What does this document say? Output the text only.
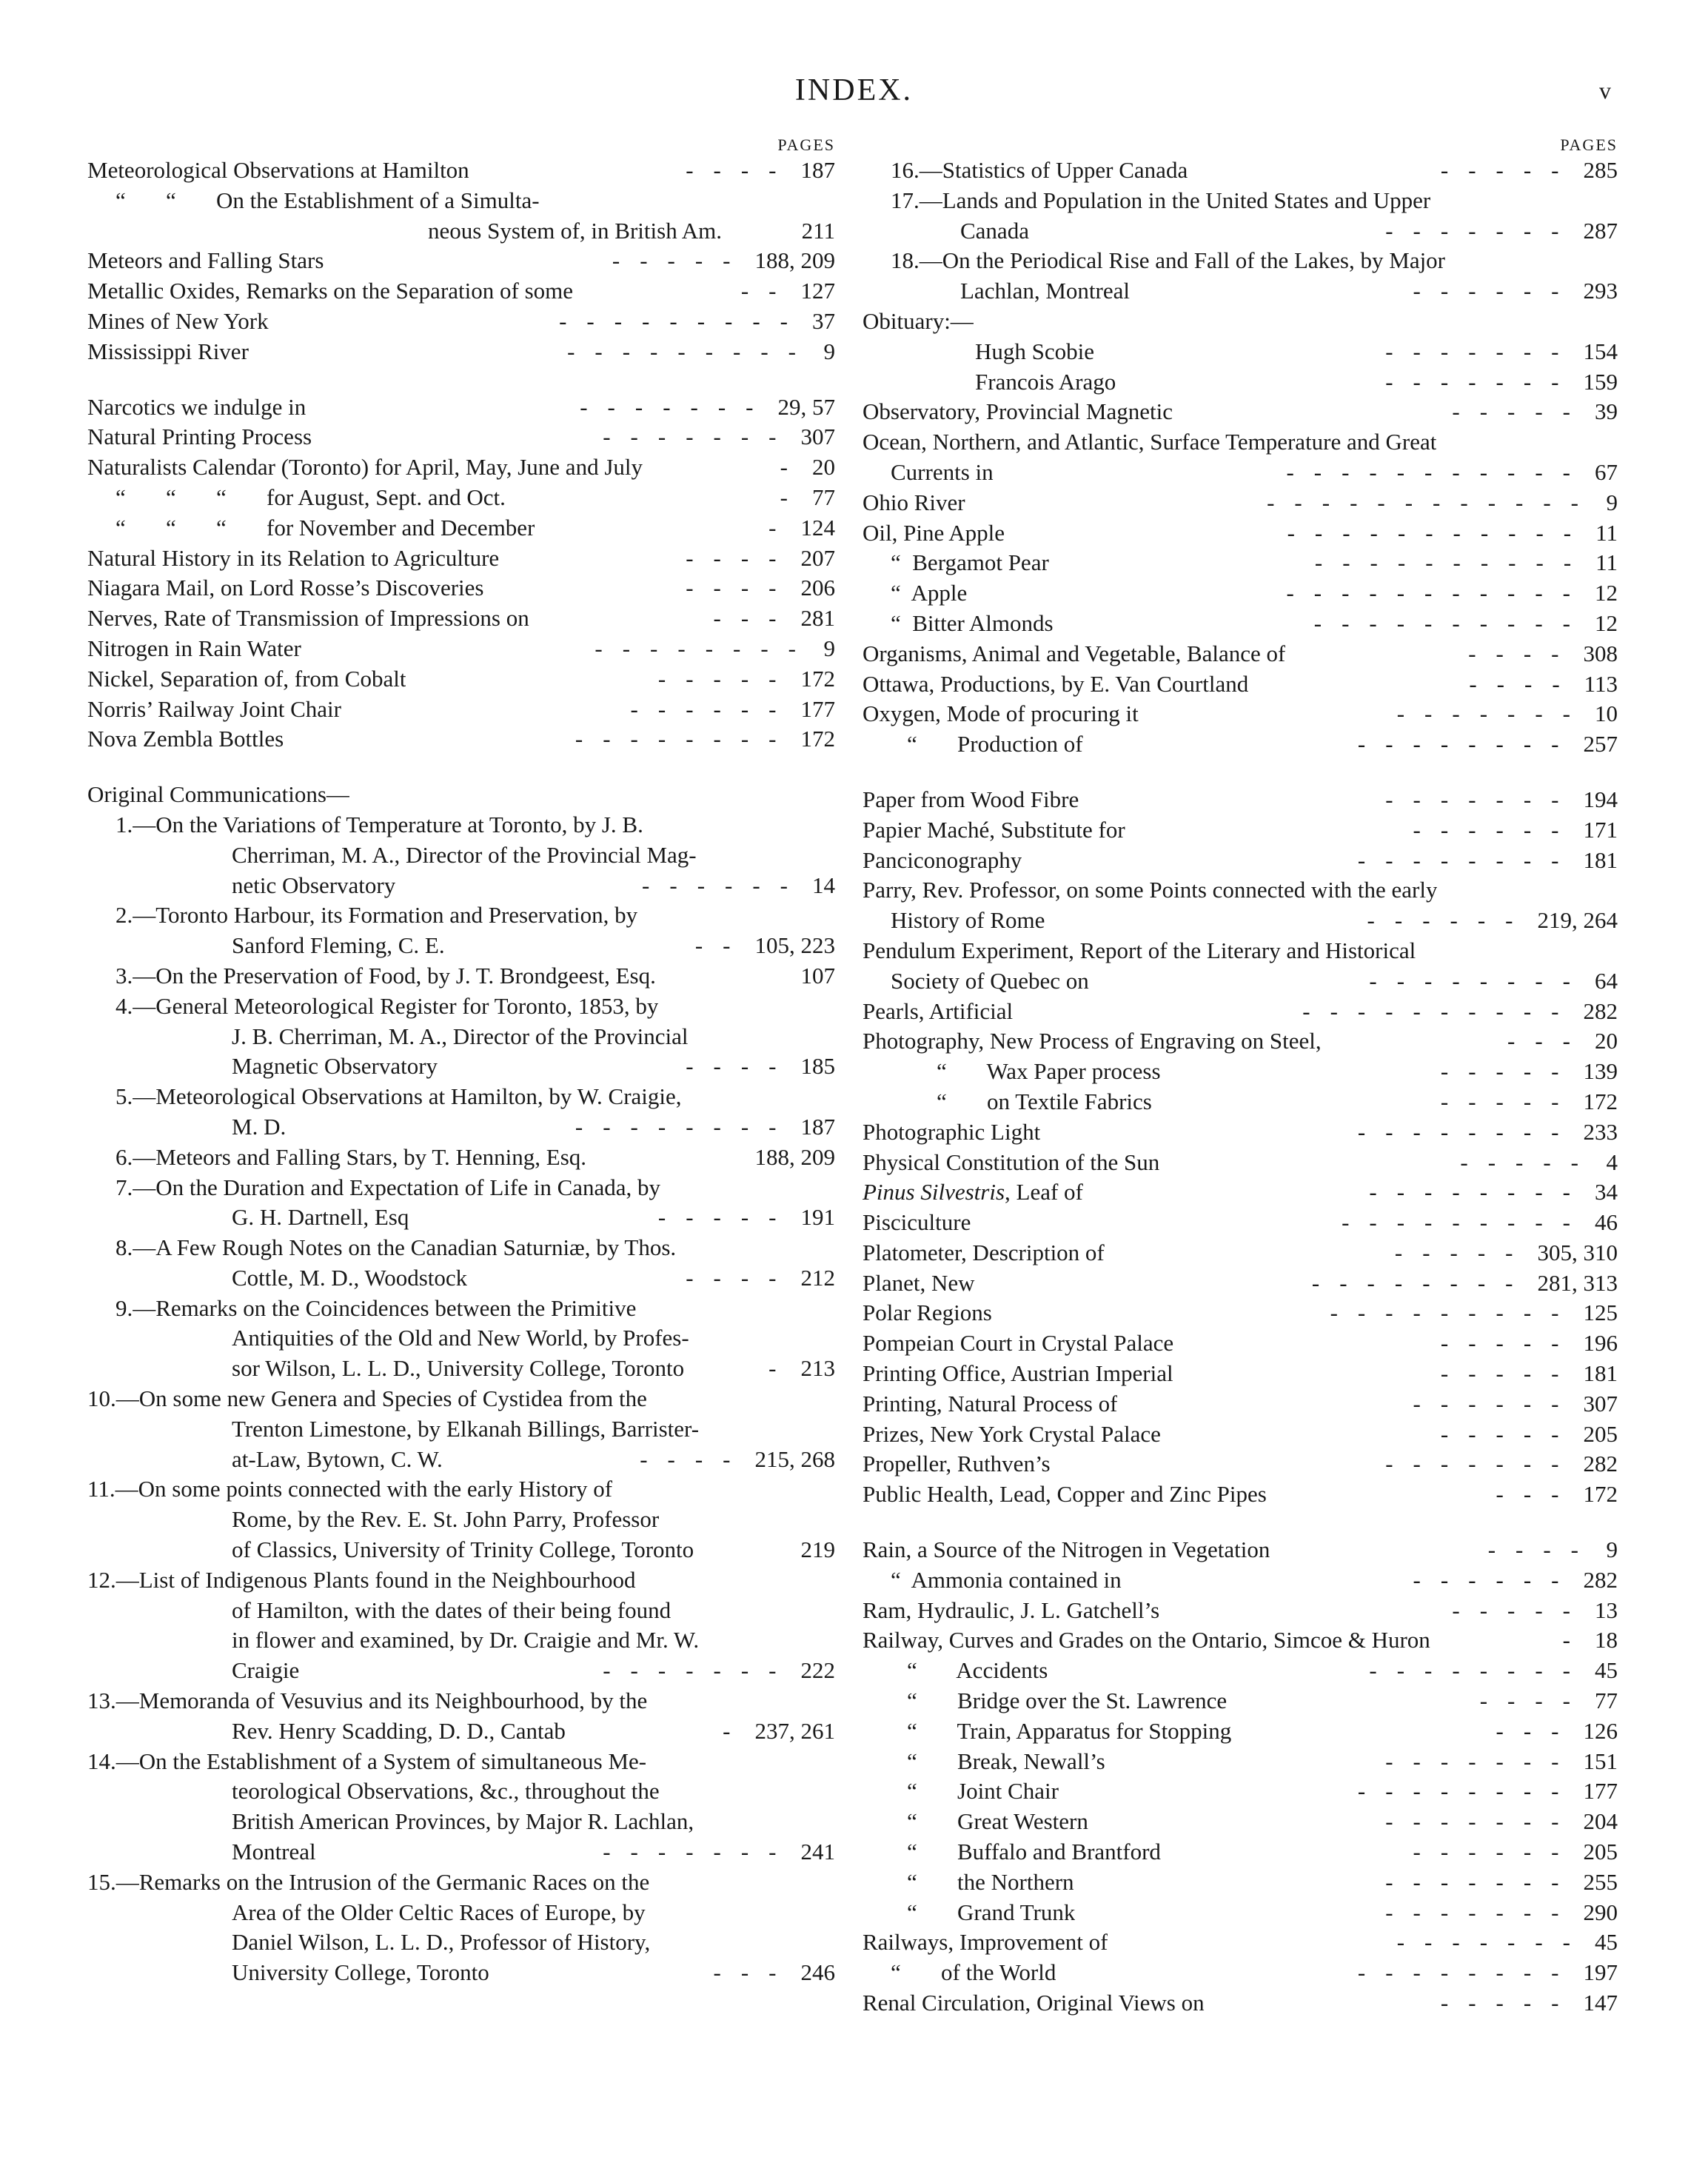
INDEX.	v
PAGES
Meteorological Observations at Hamilton	---- 187
“       “       On the Establishment of a Simulta-
neous System of, in British Am.	211
Meteors and Falling Stars	----- 188, 209
Metallic Oxides, Remarks on the Separation of some	-- 127
Mines of New York	--------- 37
Mississippi River	--------- 9
Narcotics we indulge in	------- 29, 57
Natural Printing Process	------- 307
Naturalists Calendar (Toronto) for April, May, June and July	- 20
“       “       “       for August, Sept. and Oct.	- 77
“       “       “       for November and December	- 124
Natural History in its Relation to Agriculture	---- 207
Niagara Mail, on Lord Rosse’s Discoveries	---- 206
Nerves, Rate of Transmission of Impressions on	--- 281
Nitrogen in Rain Water	-------- 9
Nickel, Separation of, from Cobalt	----- 172
Norris’ Railway Joint Chair	------ 177
Nova Zembla Bottles	-------- 172
Original Communications—
1.—On the Variations of Temperature at Toronto, by J. B.
Cherriman, M. A., Director of the Provincial Mag-
netic Observatory	------ 14
2.—Toronto Harbour, its Formation and Preservation, by
Sanford Fleming, C. E.	-- 105, 223
3.—On the Preservation of Food, by J. T. Brondgeest, Esq.	107
4.—General Meteorological Register for Toronto, 1853, by
J. B. Cherriman, M. A., Director of the Provincial
Magnetic Observatory	---- 185
5.—Meteorological Observations at Hamilton, by W. Craigie,
M. D.	-------- 187
6.—Meteors and Falling Stars, by T. Henning, Esq.	188, 209
7.—On the Duration and Expectation of Life in Canada, by
G. H. Dartnell, Esq	----- 191
8.—A Few Rough Notes on the Canadian Saturniæ, by Thos.
Cottle, M. D., Woodstock	---- 212
9.—Remarks on the Coincidences between the Primitive
Antiquities of the Old and New World, by Profes-
sor Wilson, L. L. D., University College, Toronto	- 213
10.—On some new Genera and Species of Cystidea from the
Trenton Limestone, by Elkanah Billings, Barrister-
at-Law, Bytown, C. W.	---- 215, 268
11.—On some points connected with the early History of
Rome, by the Rev. E. St. John Parry, Professor
of Classics, University of Trinity College, Toronto	219
12.—List of Indigenous Plants found in the Neighbourhood
of Hamilton, with the dates of their being found
in flower and examined, by Dr. Craigie and Mr. W.
Craigie	------- 222
13.—Memoranda of Vesuvius and its Neighbourhood, by the
Rev. Henry Scadding, D. D., Cantab	- 237, 261
14.—On the Establishment of a System of simultaneous Me-
teorological Observations, &c., throughout the
British American Provinces, by Major R. Lachlan,
Montreal	------- 241
15.—Remarks on the Intrusion of the Germanic Races on the
Area of the Older Celtic Races of Europe, by
Daniel Wilson, L. L. D., Professor of History,
University College, Toronto	--- 246
PAGES
16.—Statistics of Upper Canada	----- 285
17.—Lands and Population in the United States and Upper
Canada	------- 287
18.—On the Periodical Rise and Fall of the Lakes, by Major
Lachlan, Montreal	------ 293
Obituary:—
Hugh Scobie	------- 154
Francois Arago	------- 159
Observatory, Provincial Magnetic	----- 39
Ocean, Northern, and Atlantic, Surface Temperature and Great
Currents in	----------- 67
Ohio River	------------ 9
Oil, Pine Apple	----------- 11
“  Bergamot Pear	---------- 11
“  Apple	----------- 12
“  Bitter Almonds	---------- 12
Organisms, Animal and Vegetable, Balance of	---- 308
Ottawa, Productions, by E. Van Courtland	---- 113
Oxygen, Mode of procuring it	------- 10
“       Production of	-------- 257
Paper from Wood Fibre	------- 194
Papier Maché, Substitute for	------ 171
Panciconography	-------- 181
Parry, Rev. Professor, on some Points connected with the early
History of Rome	------ 219, 264
Pendulum Experiment, Report of the Literary and Historical
Society of Quebec on	-------- 64
Pearls, Artificial	---------- 282
Photography, New Process of Engraving on Steel,	--- 20
“       Wax Paper process	----- 139
“       on Textile Fabrics	----- 172
Photographic Light	-------- 233
Physical Constitution of the Sun	----- 4
Pinus Silvestris, Leaf of	-------- 34
Pisciculture	--------- 46
Platometer, Description of	----- 305, 310
Planet, New	-------- 281, 313
Polar Regions	--------- 125
Pompeian Court in Crystal Palace	----- 196
Printing Office, Austrian Imperial	----- 181
Printing, Natural Process of	------ 307
Prizes, New York Crystal Palace	----- 205
Propeller, Ruthven’s	------- 282
Public Health, Lead, Copper and Zinc Pipes	--- 172
Rain, a Source of the Nitrogen in Vegetation	---- 9
“  Ammonia contained in	------ 282
Ram, Hydraulic, J. L. Gatchell’s	----- 13
Railway, Curves and Grades on the Ontario, Simcoe & Huron	- 18
“       Accidents	-------- 45
“       Bridge over the St. Lawrence	---- 77
“       Train, Apparatus for Stopping	--- 126
“       Break, Newall’s	------- 151
“       Joint Chair	-------- 177
“       Great Western	------- 204
“       Buffalo and Brantford	------ 205
“       the Northern	------- 255
“       Grand Trunk	------- 290
Railways, Improvement of	------- 45
“       of the World	-------- 197
Renal Circulation, Original Views on	----- 147
